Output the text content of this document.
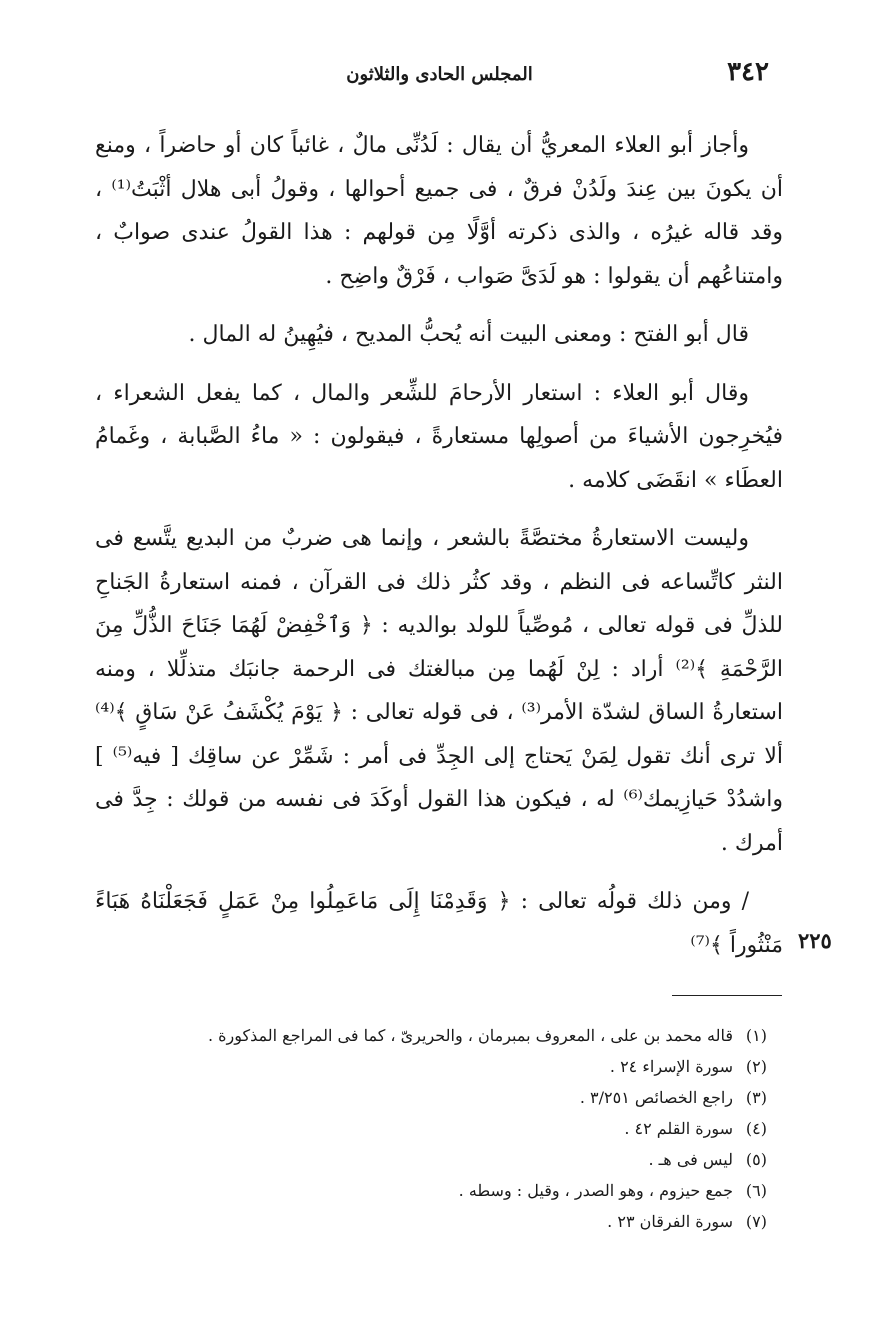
٣٤٢
المجلس الحادى والثلاثون

وأجاز أبو العلاء المعريُّ أن يقال : لَدُنِّى مالٌ ، غائباً كان أو حاضراً ، ومنع أن يكونَ بين عِندَ ولَدُنْ فرقٌ ، فى جميع أحوالها ، وقولُ أبى هلال أثْبَتُ⁽¹⁾ ، وقد قاله غيرُه ، والذى ذكرته أوَّلًا مِن قولهم : هذا القولُ عندى صوابٌ ، وامتناعُهم أن يقولوا : هو لَدَىَّ صَواب ، فَرْقٌ واضِح .

قال أبو الفتح : ومعنى البيت أنه يُحبُّ المديح ، فيُهِينُ له المال .

وقال أبو العلاء : استعار الأرحامَ للشِّعر والمال ، كما يفعل الشعراء ، فيُخرِجون الأشياءَ من أصولِها مستعارةً ، فيقولون : « ماءُ الصَّبابة ، وغَمامُ العطَاء » انقَضَى كلامه .

وليست الاستعارةُ مختصَّةً بالشعر ، وإنما هى ضربٌ من البديع يتَّسع فى النثر كاتِّساعه فى النظم ، وقد كثُر ذلك فى القرآن ، فمنه استعارةُ الجَناحِ للذلِّ فى قوله تعالى ، مُوصِّياً للولد بوالديه : ﴿ وَٱخْفِضْ لَهُمَا جَنَاحَ الذُّلِّ مِنَ الرَّحْمَةِ ﴾⁽²⁾ أراد : لِنْ لَهُما مِن مبالغتك فى الرحمة جانبَك متذلِّلا ، ومنه استعارةُ الساق لشدّة الأمر⁽³⁾ ، فى قوله تعالى : ﴿ يَوْمَ يُكْشَفُ عَنْ سَاقٍ ﴾⁽⁴⁾ ألا ترى أنك تقول لِمَنْ يَحتاج إلى الجِدِّ فى أمر : شَمِّرْ عن ساقِك [ فيه⁽⁵⁾ ] واشدُدْ حَيازِيمك⁽⁶⁾ له ، فيكون هذا القول أوكَدَ فى نفسه من قولك : جِدَّ فى أمرك .

/ ومن ذلك قولُه تعالى : ﴿ وَقَدِمْنَا إِلَى مَاعَمِلُوا مِنْ عَمَلٍ فَجَعَلْنَاهُ هَبَاءً مَنْثُوراً ﴾⁽⁷⁾ ٢٢٥

(١)قاله محمد بن على ، المعروف بمبرمان ، والحريرىّ ، كما فى المراجع المذكورة .

(٢)سورة الإسراء ٢٤ .

(٣)راجع الخصائص ٣/٢٥١ .

(٤)سورة القلم ٤٢ .

(٥)ليس فى هـ .

(٦)جمع حيزوم ، وهو الصدر ، وقيل : وسطه .

(٧)سورة الفرقان ٢٣ .
